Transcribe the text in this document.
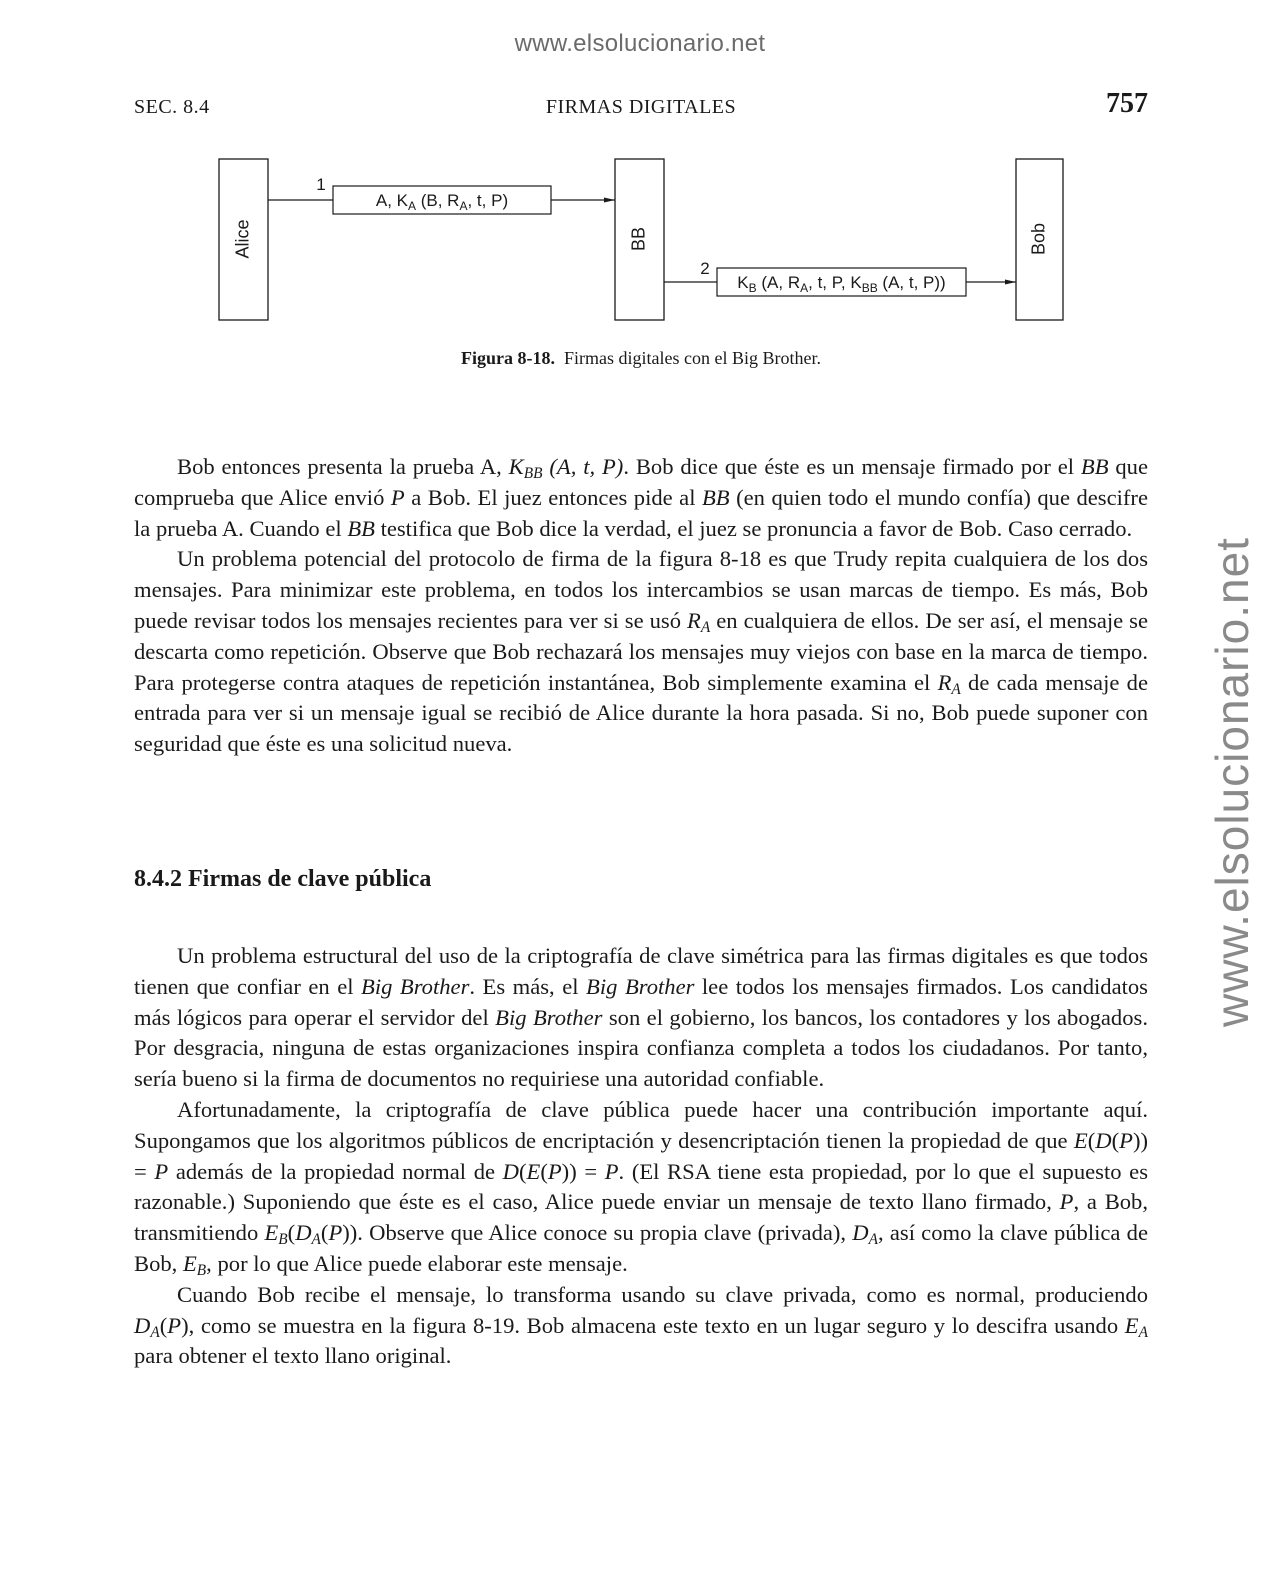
www.elsolucionario.net
www.elsolucionario.net
SEC. 8.4	FIRMAS DIGITALES	757
Alice	BB	Bob
1
A, $K_A$ (B, $R_A$, t, P)
2
$K_B$ (A, $R_A$, t, P, $K_{BB}$ (A, t, P))
Figura 8-18. Firmas digitales con el Big Brother.

Bob entonces presenta la prueba A, $K_{BB}$ (A, t, P). Bob dice que éste es un mensaje firmado por el BB que comprueba que Alice envió P a Bob. El juez entonces pide al BB (en quien todo el mundo confía) que descifre la prueba A. Cuando el BB testifica que Bob dice la verdad, el juez se pronuncia a favor de Bob. Caso cerrado.

Un problema potencial del protocolo de firma de la figura 8-18 es que Trudy repita cualquiera de los dos mensajes. Para minimizar este problema, en todos los intercambios se usan marcas de tiempo. Es más, Bob puede revisar todos los mensajes recientes para ver si se usó $R_A$ en cualquiera de ellos. De ser así, el mensaje se descarta como repetición. Observe que Bob rechazará los mensajes muy viejos con base en la marca de tiempo. Para protegerse contra ataques de repetición instantánea, Bob simplemente examina el $R_A$ de cada mensaje de entrada para ver si un mensaje igual se recibió de Alice durante la hora pasada. Si no, Bob puede suponer con seguridad que éste es una solicitud nueva.

8.4.2 Firmas de clave pública

Un problema estructural del uso de la criptografía de clave simétrica para las firmas digitales es que todos tienen que confiar en el Big Brother. Es más, el Big Brother lee todos los mensajes firmados. Los candidatos más lógicos para operar el servidor del Big Brother son el gobierno, los bancos, los contadores y los abogados. Por desgracia, ninguna de estas organizaciones inspira confianza completa a todos los ciudadanos. Por tanto, sería bueno si la firma de documentos no requiriese una autoridad confiable.

Afortunadamente, la criptografía de clave pública puede hacer una contribución importante aquí. Supongamos que los algoritmos públicos de encriptación y desencriptación tienen la propiedad de que E(D(P)) = P además de la propiedad normal de D(E(P)) = P. (El RSA tiene esta propiedad, por lo que el supuesto es razonable.) Suponiendo que éste es el caso, Alice puede enviar un mensaje de texto llano firmado, P, a Bob, transmitiendo $E_B(D_A(P))$. Observe que Alice conoce su propia clave (privada), $D_A$, así como la clave pública de Bob, $E_B$, por lo que Alice puede elaborar este mensaje.

Cuando Bob recibe el mensaje, lo transforma usando su clave privada, como es normal, produciendo $D_A(P)$, como se muestra en la figura 8-19. Bob almacena este texto en un lugar seguro y lo descifra usando $E_A$ para obtener el texto llano original.
